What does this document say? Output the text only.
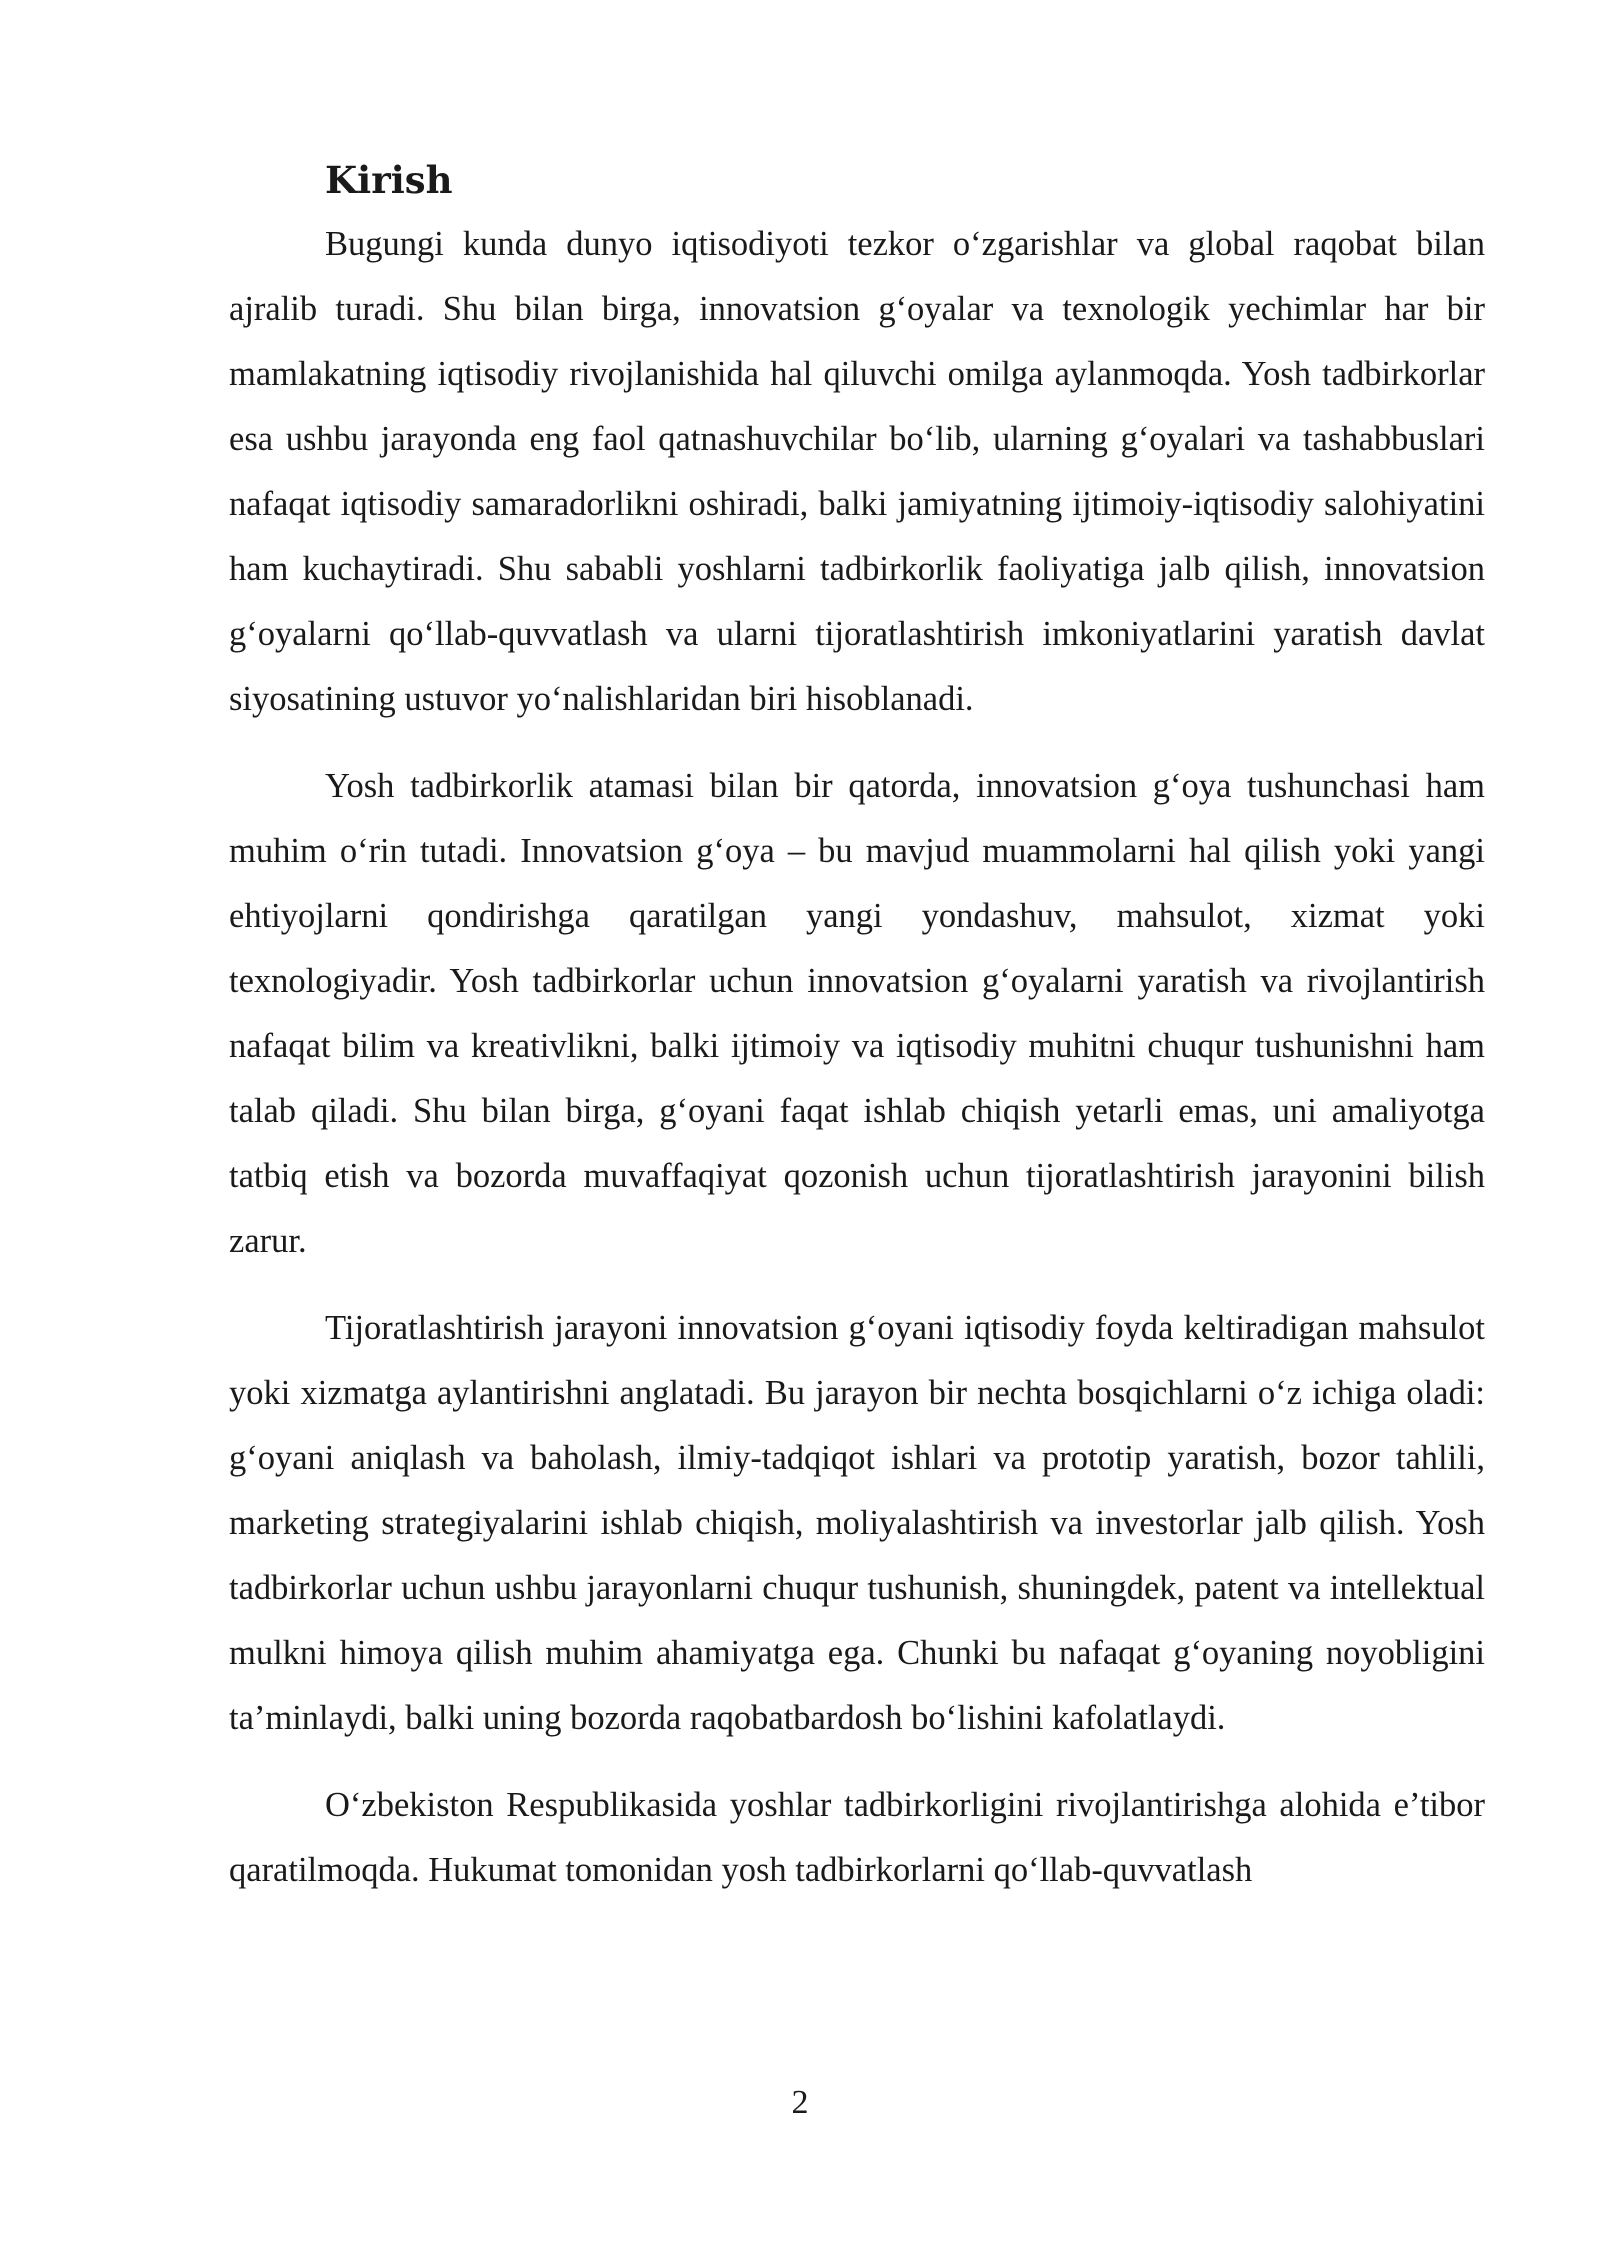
Kirish

Bugungi kunda dunyo iqtisodiyoti tezkor o‘zgarishlar va global raqobat bilan ajralib turadi. Shu bilan birga, innovatsion g‘oyalar va texnologik yechimlar har bir mamlakatning iqtisodiy rivojlanishida hal qiluvchi omilga aylanmoqda. Yosh tadbirkorlar esa ushbu jarayonda eng faol qatnashuvchilar bo‘lib, ularning g‘oyalari va tashabbuslari nafaqat iqtisodiy samaradorlikni oshiradi, balki jamiyatning ijtimoiy-iqtisodiy salohiyatini ham kuchaytiradi. Shu sababli yoshlarni tadbirkorlik faoliyatiga jalb qilish, innovatsion g‘oyalarni qo‘llab-quvvatlash va ularni tijoratlashtirish imkoniyatlarini yaratish davlat siyosatining ustuvor yo‘nalishlaridan biri hisoblanadi.

Yosh tadbirkorlik atamasi bilan bir qatorda, innovatsion g‘oya tushunchasi ham muhim o‘rin tutadi. Innovatsion g‘oya – bu mavjud muammolarni hal qilish yoki yangi ehtiyojlarni qondirishga qaratilgan yangi yondashuv, mahsulot, xizmat yoki texnologiyadir. Yosh tadbirkorlar uchun innovatsion g‘oyalarni yaratish va rivojlantirish nafaqat bilim va kreativlikni, balki ijtimoiy va iqtisodiy muhitni chuqur tushunishni ham talab qiladi. Shu bilan birga, g‘oyani faqat ishlab chiqish yetarli emas, uni amaliyotga tatbiq etish va bozorda muvaffaqiyat qozonish uchun tijoratlashtirish jarayonini bilish zarur.

Tijoratlashtirish jarayoni innovatsion g‘oyani iqtisodiy foyda keltiradigan mahsulot yoki xizmatga aylantirishni anglatadi. Bu jarayon bir nechta bosqichlarni o‘z ichiga oladi: g‘oyani aniqlash va baholash, ilmiy-tadqiqot ishlari va prototip yaratish, bozor tahlili, marketing strategiyalarini ishlab chiqish, moliyalashtirish va investorlar jalb qilish. Yosh tadbirkorlar uchun ushbu jarayonlarni chuqur tushunish, shuningdek, patent va intellektual mulkni himoya qilish muhim ahamiyatga ega. Chunki bu nafaqat g‘oyaning noyobligini ta’minlaydi, balki uning bozorda raqobatbardosh bo‘lishini kafolatlaydi.

O‘zbekiston Respublikasida yoshlar tadbirkorligini rivojlantirishga alohida e’tibor qaratilmoqda. Hukumat tomonidan yosh tadbirkorlarni qo‘llab-quvvatlash

2
